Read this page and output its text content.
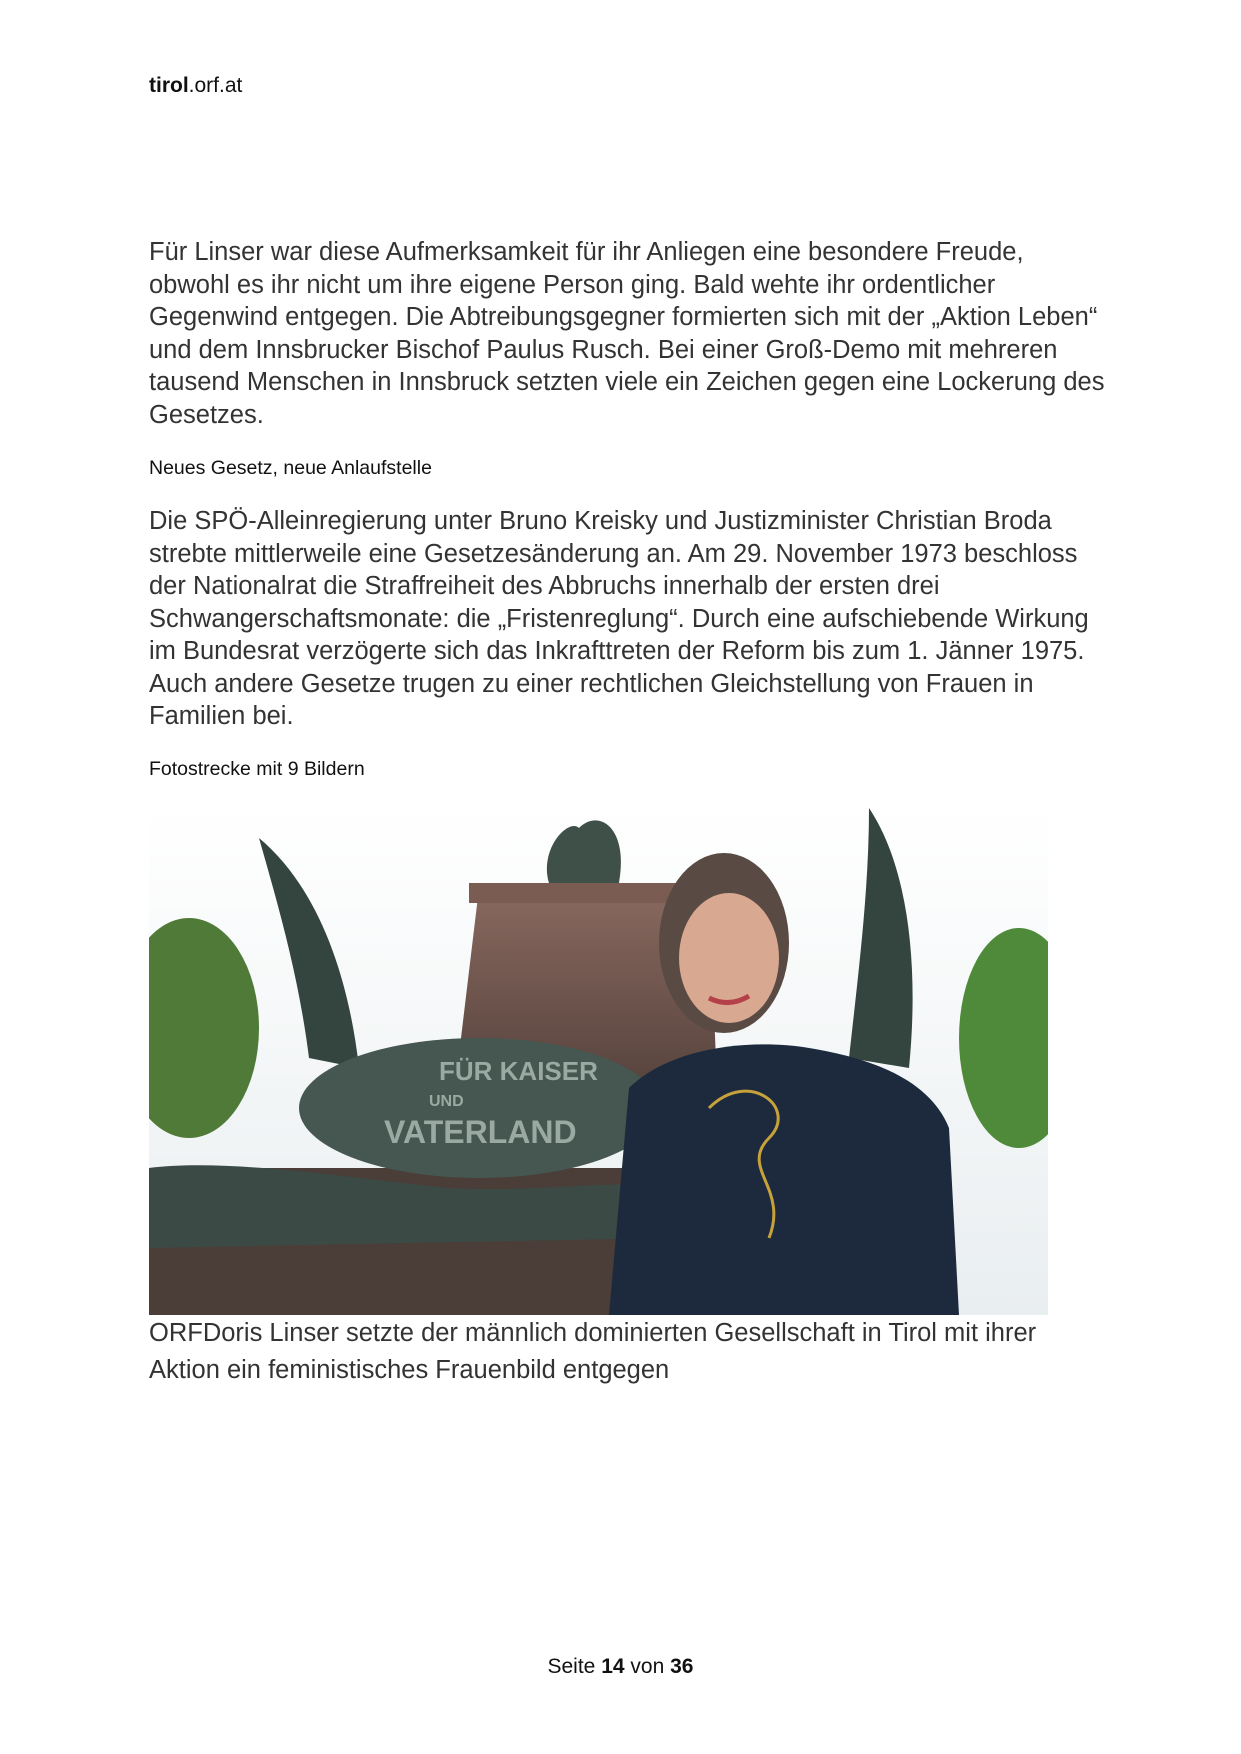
tirol.orf.at
Für Linser war diese Aufmerksamkeit für ihr Anliegen eine besondere Freude, obwohl es ihr nicht um ihre eigene Person ging. Bald wehte ihr ordentlicher Gegenwind entgegen. Die Abtreibungsgegner formierten sich mit der „Aktion Leben“ und dem Innsbrucker Bischof Paulus Rusch. Bei einer Groß-Demo mit mehreren tausend Menschen in Innsbruck setzten viele ein Zeichen gegen eine Lockerung des Gesetzes.
Neues Gesetz, neue Anlaufstelle
Die SPÖ-Alleinregierung unter Bruno Kreisky und Justizminister Christian Broda strebte mittlerweile eine Gesetzesänderung an. Am 29. November 1973 beschloss der Nationalrat die Straffreiheit des Abbruchs innerhalb der ersten drei Schwangerschaftsmonate: die „Fristenreglung“. Durch eine aufschiebende Wirkung im Bundesrat verzögerte sich das Inkrafttreten der Reform bis zum 1. Jänner 1975. Auch andere Gesetze trugen zu einer rechtlichen Gleichstellung von Frauen in Familien bei.
Fotostrecke mit 9 Bildern
FÜR KAISER
UND
VATERLAND
ORFDoris Linser setzte der männlich dominierten Gesellschaft in Tirol mit ihrer Aktion ein feministisches Frauenbild entgegen
Seite 14 von 36
